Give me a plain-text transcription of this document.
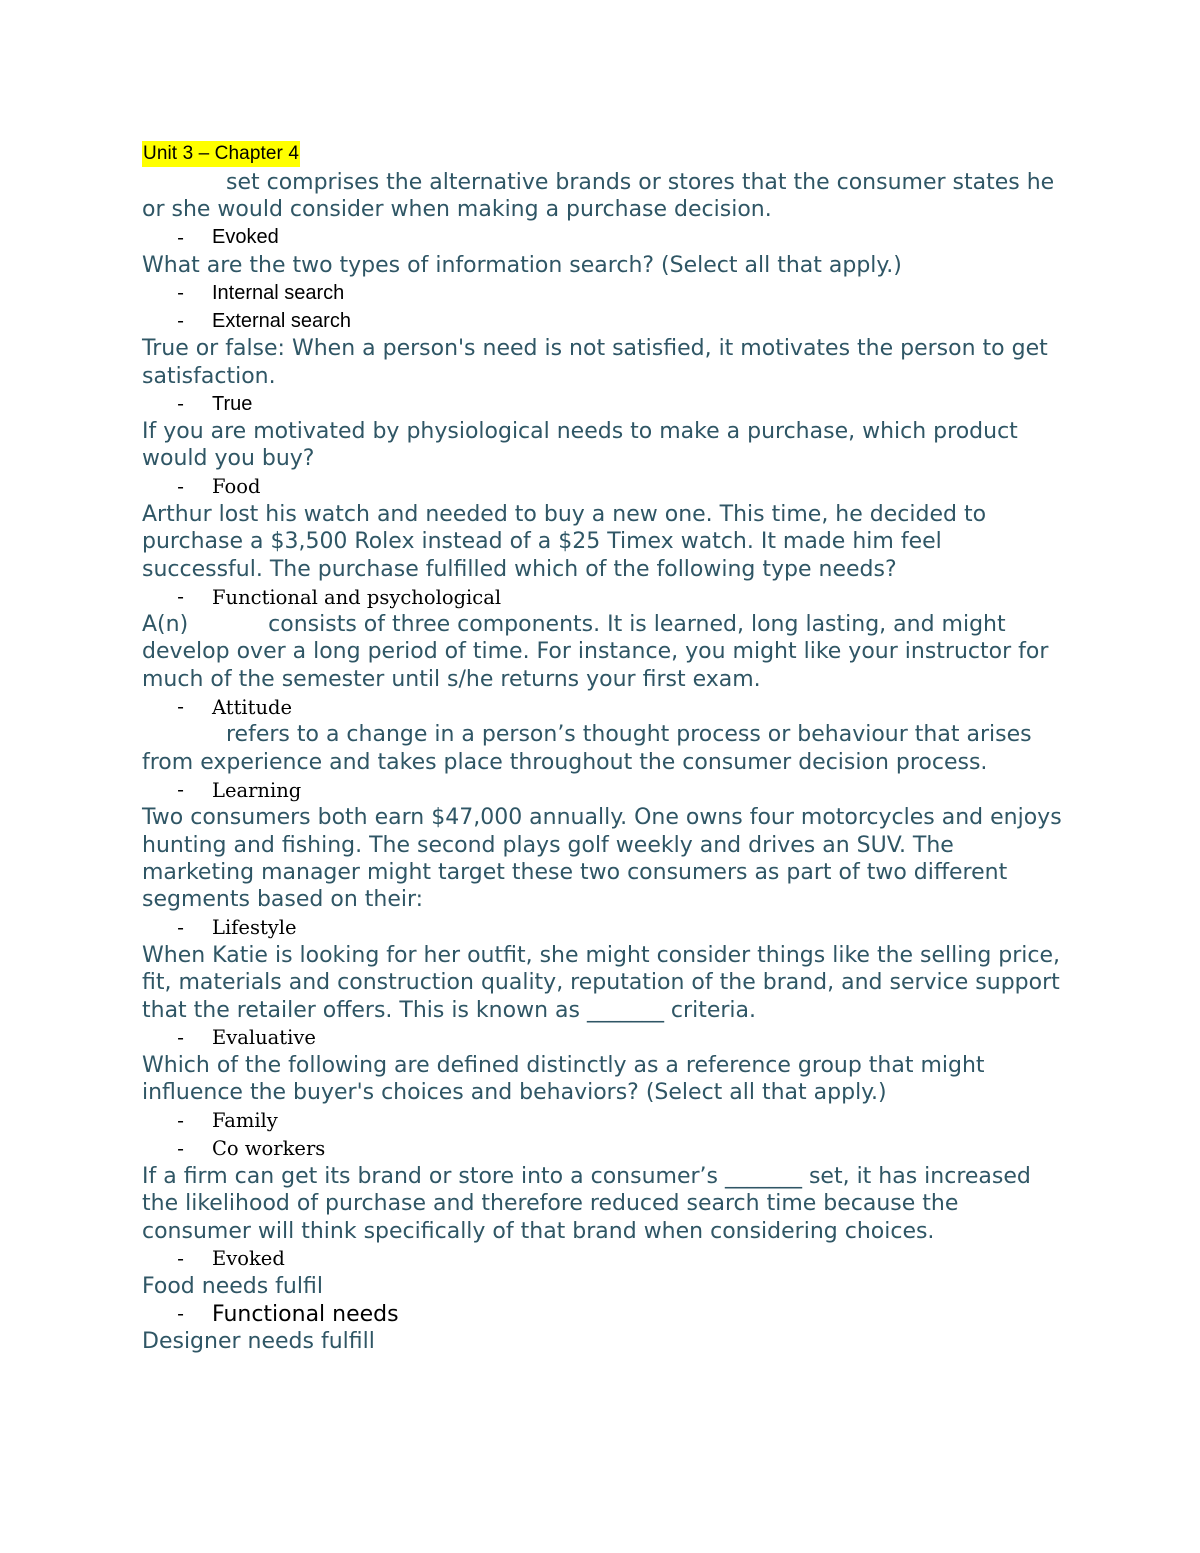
Unit 3 – Chapter 4

set comprises the alternative brands or stores that the consumer states he or she would consider when making a purchase decision.

-	Evoked

What are the two types of information search? (Select all that apply.)

-	Internal search
-	External search

True or false: When a person's need is not satisfied, it motivates the person to get satisfaction.

-	True

If you are motivated by physiological needs to make a purchase, which product would you buy?

-	Food

Arthur lost his watch and needed to buy a new one. This time, he decided to purchase a $3,500 Rolex instead of a $25 Timex watch. It made him feel successful. The purchase fulfilled which of the following type needs?

-	Functional and psychological

A(n)	consists of three components. It is learned, long lasting, and might develop over a long period of time. For instance, you might like your instructor for much of the semester until s/he returns your first exam.

-	Attitude

refers to a change in a person’s thought process or behaviour that arises from experience and takes place throughout the consumer decision process.

-	Learning

Two consumers both earn $47,000 annually. One owns four motorcycles and enjoys hunting and fishing. The second plays golf weekly and drives an SUV. The marketing manager might target these two consumers as part of two different segments based on their:

-	Lifestyle

When Katie is looking for her outfit, she might consider things like the selling price, fit, materials and construction quality, reputation of the brand, and service support that the retailer offers. This is known as _______ criteria.

-	Evaluative

Which of the following are defined distinctly as a reference group that might influence the buyer's choices and behaviors? (Select all that apply.)

-	Family
-	Co workers

If a firm can get its brand or store into a consumer’s _______ set, it has increased the likelihood of purchase and therefore reduced search time because the consumer will think specifically of that brand when considering choices.

-	Evoked

Food needs fulfil

-	Functional needs

Designer needs fulfill
